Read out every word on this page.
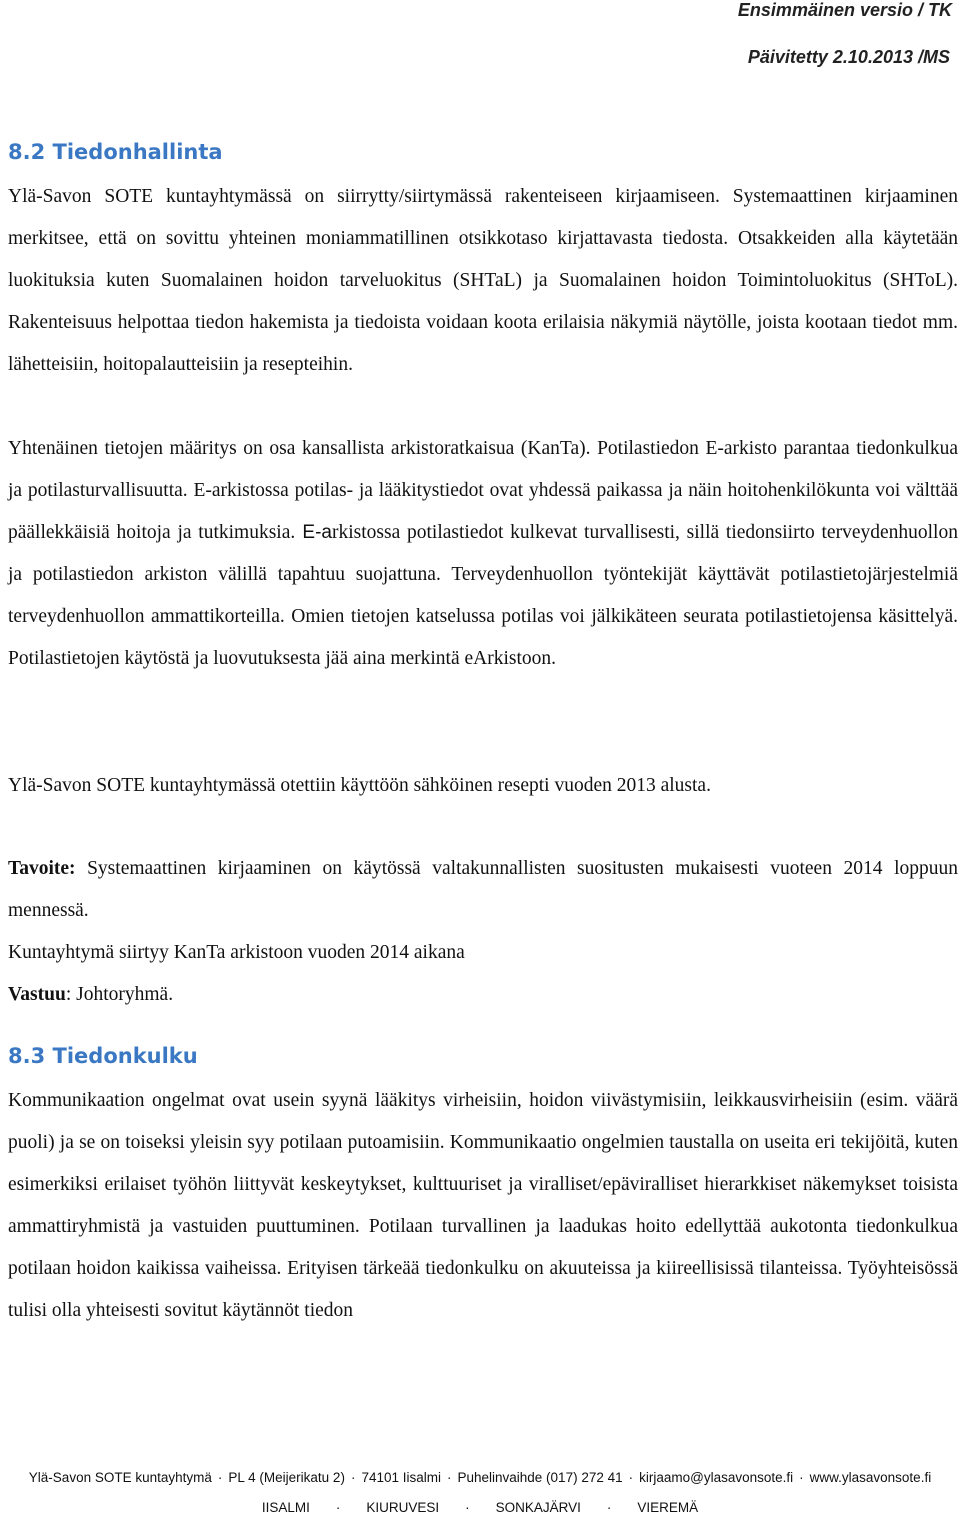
Ensimmäinen versio / TK
Päivitetty 2.10.2013 /MS
8.2 Tiedonhallinta

Ylä-Savon SOTE kuntayhtymässä on siirrytty/siirtymässä rakenteiseen kirjaamiseen. Systemaattinen kirjaaminen merkitsee, että on sovittu yhteinen moniammatillinen otsikkotaso kirjattavasta tiedosta. Otsakkeiden alla käytetään luokituksia kuten Suomalainen hoidon tarveluokitus (SHTaL) ja Suomalainen hoidon Toimintoluokitus (SHToL). Rakenteisuus helpottaa tiedon hakemista ja tiedoista voidaan koota erilaisia näkymiä näytölle, joista kootaan tiedot mm. lähetteisiin, hoitopalautteisiin ja resepteihin.

Yhtenäinen tietojen määritys on osa kansallista arkistoratkaisua (KanTa). Potilastiedon E-arkisto parantaa tiedonkulkua ja potilasturvallisuutta. E-arkistossa potilas- ja lääkitystiedot ovat yhdessä paikassa ja näin hoitohenkilökunta voi välttää päällekkäisiä hoitoja ja tutkimuksia. E-arkistossa potilastiedot kulkevat turvallisesti, sillä tiedonsiirto terveydenhuollon ja potilastiedon arkiston välillä tapahtuu suojattuna. Terveydenhuollon työntekijät käyttävät potilastietojärjestelmiä terveydenhuollon ammattikorteilla. Omien tietojen katselussa potilas voi jälkikäteen seurata potilastietojensa käsittelyä. Potilastietojen käytöstä ja luovutuksesta jää aina merkintä eArkistoon.

Ylä-Savon SOTE kuntayhtymässä otettiin käyttöön sähköinen resepti vuoden 2013 alusta.

Tavoite: Systemaattinen kirjaaminen on käytössä valtakunnallisten suositusten mukaisesti vuoteen 2014 loppuun mennessä.

Kuntayhtymä siirtyy KanTa arkistoon vuoden 2014 aikana

Vastuu: Johtoryhmä.

8.3 Tiedonkulku

Kommunikaation ongelmat ovat usein syynä lääkitys virheisiin, hoidon viivästymisiin, leikkausvirheisiin (esim. väärä puoli) ja se on toiseksi yleisin syy potilaan putoamisiin. Kommunikaatio ongelmien taustalla on useita eri tekijöitä, kuten esimerkiksi erilaiset työhön liittyvät keskeytykset, kulttuuriset ja viralliset/epäviralliset hierarkkiset näkemykset toisista ammattiryhmistä ja vastuiden puuttuminen. Potilaan turvallinen ja laadukas hoito edellyttää aukotonta tiedonkulkua potilaan hoidon kaikissa vaiheissa. Erityisen tärkeää tiedonkulku on akuuteissa ja kiireellisissä tilanteissa. Työyhteisössä tulisi olla yhteisesti sovitut käytännöt tiedon

Ylä-Savon SOTE kuntayhtymä · PL 4 (Meijerikatu 2) · 74101 Iisalmi · Puhelinvaihde (017) 272 41 · kirjaamo@ylasavonsote.fi · www.ylasavonsote.fi
IISALMI · KIURUVESI · SONKAJÄRVI · VIEREMÄ
